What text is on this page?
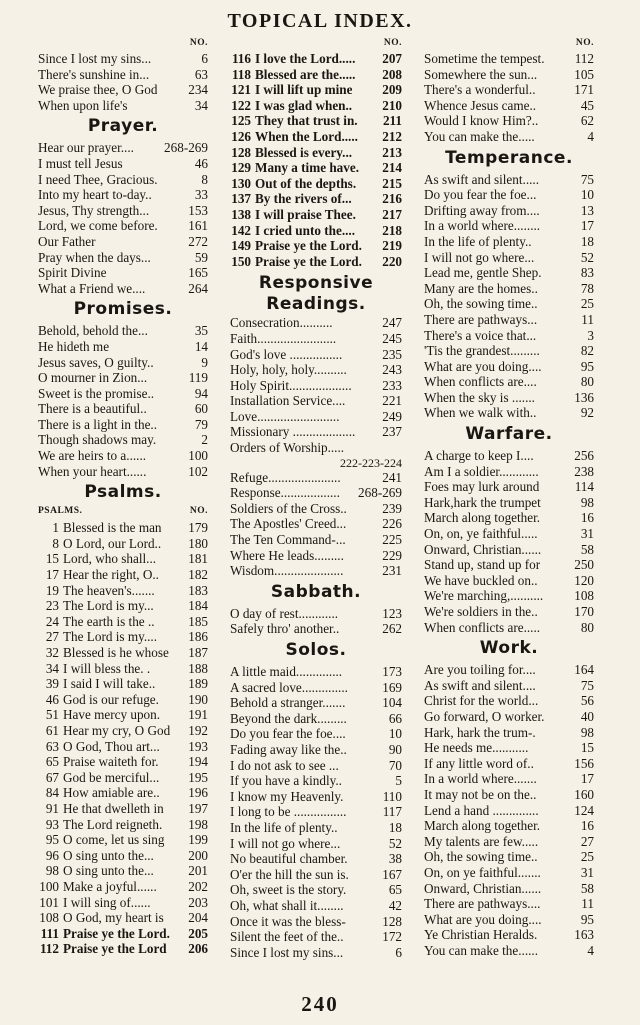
TOPICAL INDEX.
NO.
Since I lost my sins...	6
There's sunshine in...	63
We praise thee, O God 234
When upon life's	34
Prayer.
Hear our prayer.... 268-269
I must tell Jesus	46
I need Thee, Gracious.	8
Into my heart to-day..	33
Jesus, Thy strength...	153
Lord, we come before. 161
Our Father	272
Pray when the days...	59
Spirit Divine	165
What a Friend we....	264
Promises.
Behold, behold the...	35
He hideth me	14
Jesus saves, O guilty..	9
O mourner in Zion...	119
Sweet is the promise..	94
There is a beautiful..	60
There is a light in the..	79
Though shadows may.	2
We are heirs to a......	100
When your heart......	102
Psalms.
PSALMS.	NO.
1 Blessed is the man 179
8 O Lord, our Lord.. 180
15 Lord, who shall... 181
17 Hear the right, O.. 182
19 The heaven's.......	183
23 The Lord is my...	184
24 The earth is the ..	185
27 The Lord is my.... 186
32 Blessed is he whose 187
34 I will bless the. .	188
39 I said I will take.. 189
46 God is our refuge. 190
51 Have mercy upon. 191
61 Hear my cry, O God 192
63 O God, Thou art... 193
65 Praise waiteth for. 194
67 God be merciful... 195
84 How amiable are.. 196
91 He that dwelleth in 197
93 The Lord reigneth. 198
95 O come, let us sing 199
96 O sing unto the...	200
98 O sing unto the...	201
100 Make a joyful...... 202
101 I will sing of......	203
108 O God, my heart is 204
111 Praise ye the Lord. 205
112 Praise ye the Lord 206
NO.
116 I love the Lord..... 207
118 Blessed are the..... 208
121 I will lift up mine 209
122 I was glad when.. 210
125 They that trust in. 211
126 When the Lord..... 212
128 Blessed is every... 213
129 Many a time have. 214
130 Out of the depths. 215
137 By the rivers of... 216
138 I will praise Thee. 217
142 I cried unto the.... 218
149 Praise ye the Lord. 219
150 Praise ye the Lord. 220
Responsive
Readings.
Consecration..........	247
Faith........................	245
God's love ................	235
Holy, holy, holy..........	243
Holy Spirit................... 233
Installation Service....	221
Love.........................	249
Missionary ................... 237
Orders of Worship.....
222-223-224
Refuge......................	241
Response.................. 268-269
Soldiers of the Cross..	239
The Apostles' Creed...	226
The Ten Command-...	225
Where He leads.........	229
Wisdom.....................	231
Sabbath.
O day of rest............	123
Safely thro' another..	262
Solos.
A little maid..............	173
A sacred love..............	169
Behold a stranger.......	104
Beyond the dark.........	66
Do you fear the foe....	10
Fading away like the..	90
I do not ask to see ...	70
If you have a kindly..	5
I know my Heavenly.	110
I long to be ................	117
In the life of plenty..	18
I will not go where...	52
No beautiful chamber.	38
O'er the hill the sun is.	167
Oh, sweet is the story.	65
Oh, what shall it........	42
Once it was the bless-	128
Silent the feet of the..	172
Since I lost my sins...	6
NO.
Sometime the tempest. 112
Somewhere the sun...	105
There's a wonderful..	171
Whence Jesus came..	45
Would I know Him?..	62
You can make the.....	4
Temperance.
As swift and silent.....	75
Do you fear the foe...	10
Drifting away from....	13
In a world where........	17
In the life of plenty..	18
I will not go where...	52
Lead me, gentle Shep.	83
Many are the homes..	78
Oh, the sowing time..	25
There are pathways...	11
There's a voice that...	3
'Tis the grandest.........	82
What are you doing....	95
When conflicts are....	80
When the sky is .......	136
When we walk with..	92
Warfare.
A charge to keep I....	256
Am I a soldier............	238
Foes may lurk around	114
Hark,hark the trumpet	98
March along together.	16
On, on, ye faithful.....	31
Onward, Christian......	58
Stand up, stand up for	250
We have buckled on..	120
We're marching,.......... 108
We're soldiers in the..	170
When conflicts are.....	80
Work.
Are you toiling for....	164
As swift and silent....	75
Christ for the world...	56
Go forward, O worker.	40
Hark, hark the trum-.	98
He needs me...........	15
If any little word of..	156
In a world where.......	17
It may not be on the..	160
Lend a hand ..............	124
March along together.	16
My talents are few.....	27
Oh, the sowing time..	25
On, on ye faithful.......	31
Onward, Christian......	58
There are pathways....	11
What are you doing....	95
Ye Christian Heralds.	163
You can make the......	4
240
